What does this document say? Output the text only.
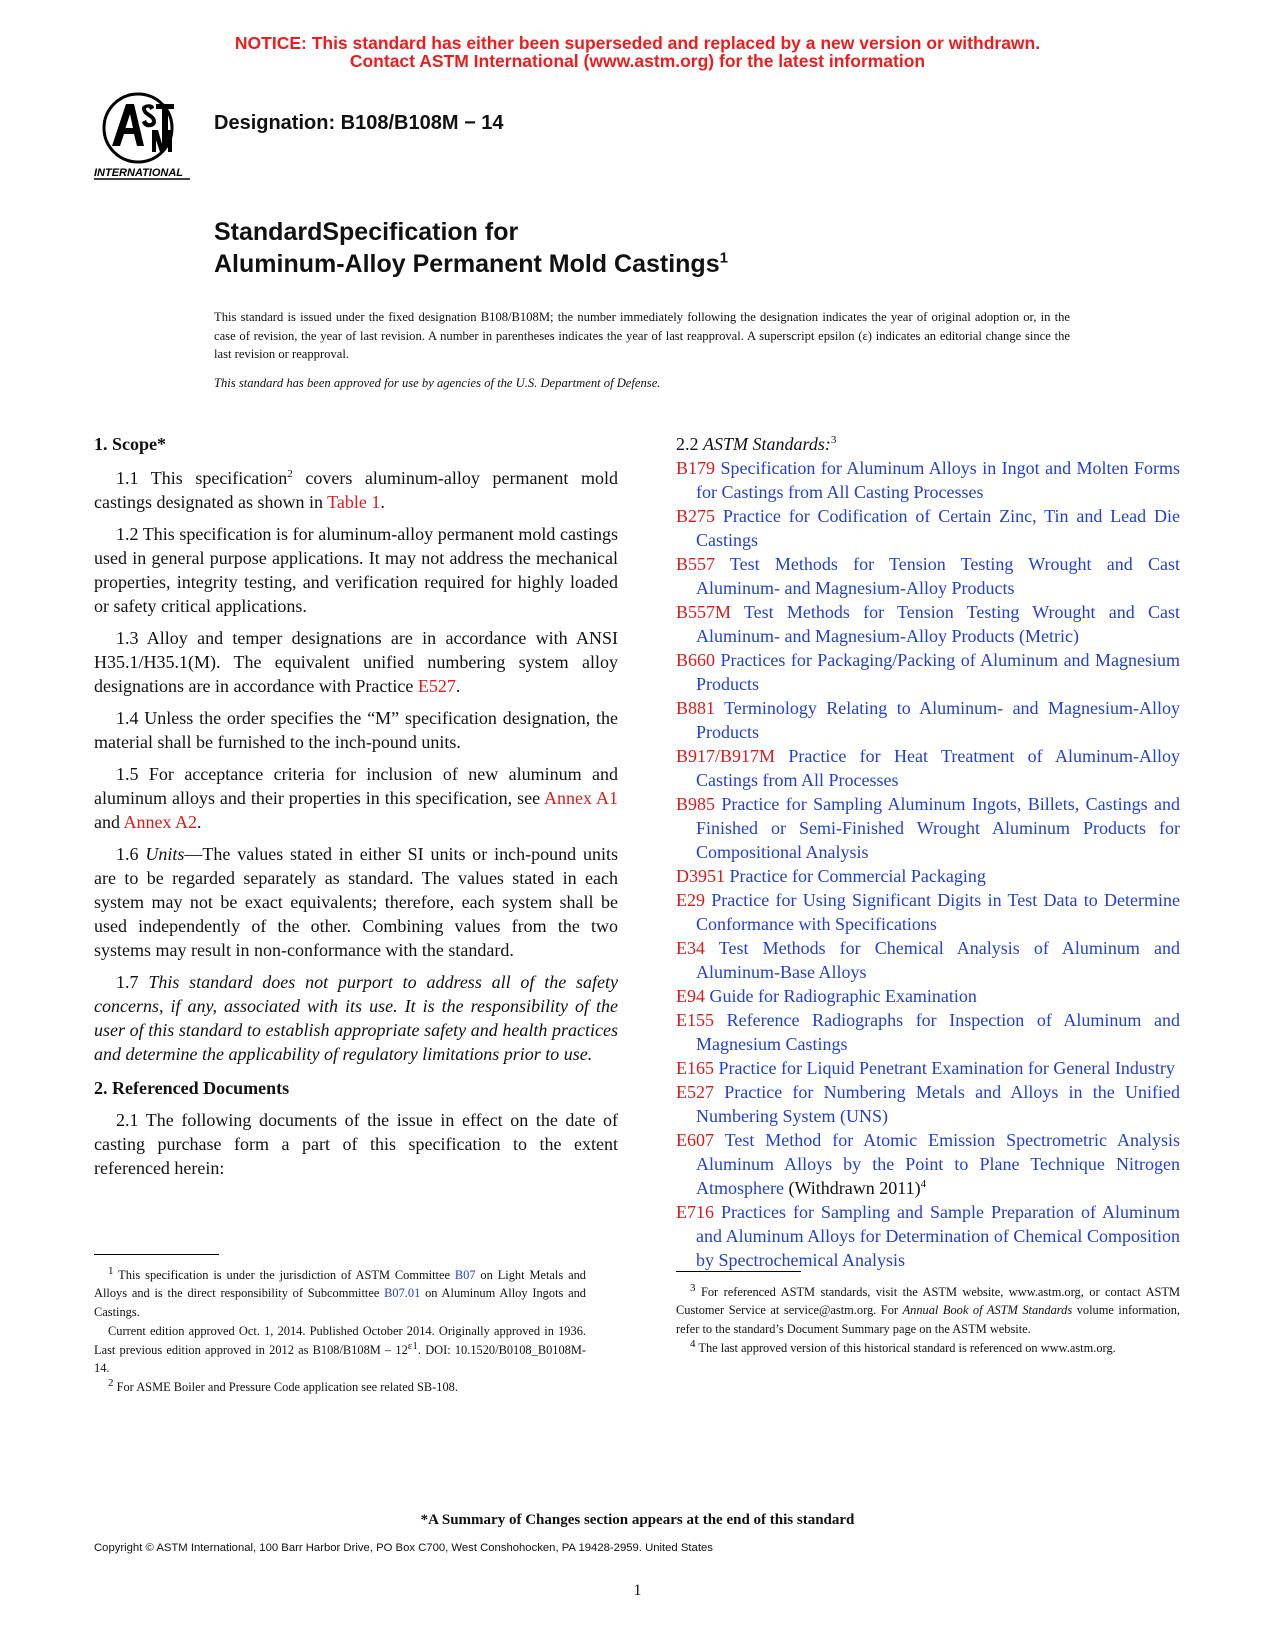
NOTICE: This standard has either been superseded and replaced by a new version or withdrawn.
Contact ASTM International (www.astm.org) for the latest information
INTERNATIONAL
Designation: B108/B108M − 14
StandardSpecification for
Aluminum-Alloy Permanent Mold Castings$^1$
This standard is issued under the fixed designation B108/B108M; the number immediately following the designation indicates the year of original adoption or, in the case of revision, the year of last revision. A number in parentheses indicates the year of last reapproval. A superscript epsilon (ε) indicates an editorial change since the last revision or reapproval.
This standard has been approved for use by agencies of the U.S. Department of Defense.
1. Scope*

1.1 This specification$^2$ covers aluminum-alloy permanent mold castings designated as shown in Table 1.

1.2 This specification is for aluminum-alloy permanent mold castings used in general purpose applications. It may not address the mechanical properties, integrity testing, and verification required for highly loaded or safety critical applications.

1.3 Alloy and temper designations are in accordance with ANSI H35.1/H35.1(M). The equivalent unified numbering system alloy designations are in accordance with Practice E527.

1.4 Unless the order specifies the “M” specification designation, the material shall be furnished to the inch-pound units.

1.5 For acceptance criteria for inclusion of new aluminum and aluminum alloys and their properties in this specification, see Annex A1 and Annex A2.

1.6 Units—The values stated in either SI units or inch-pound units are to be regarded separately as standard. The values stated in each system may not be exact equivalents; therefore, each system shall be used independently of the other. Combining values from the two systems may result in non-conformance with the standard.

1.7 This standard does not purport to address all of the safety concerns, if any, associated with its use. It is the responsibility of the user of this standard to establish appropriate safety and health practices and determine the applicability of regulatory limitations prior to use.

2. Referenced Documents

2.1 The following documents of the issue in effect on the date of casting purchase form a part of this specification to the extent referenced herein:

2.2 ASTM Standards:$^3$

B179 Specification for Aluminum Alloys in Ingot and Molten Forms for Castings from All Casting Processes

B275 Practice for Codification of Certain Zinc, Tin and Lead Die Castings

B557 Test Methods for Tension Testing Wrought and Cast Aluminum- and Magnesium-Alloy Products

B557M Test Methods for Tension Testing Wrought and Cast Aluminum- and Magnesium-Alloy Products (Metric)

B660 Practices for Packaging/Packing of Aluminum and Magnesium Products

B881 Terminology Relating to Aluminum- and Magnesium-Alloy Products

B917/B917M Practice for Heat Treatment of Aluminum-Alloy Castings from All Processes

B985 Practice for Sampling Aluminum Ingots, Billets, Castings and Finished or Semi-Finished Wrought Aluminum Products for Compositional Analysis

D3951 Practice for Commercial Packaging

E29 Practice for Using Significant Digits in Test Data to Determine Conformance with Specifications

E34 Test Methods for Chemical Analysis of Aluminum and Aluminum-Base Alloys

E94 Guide for Radiographic Examination

E155 Reference Radiographs for Inspection of Aluminum and Magnesium Castings

E165 Practice for Liquid Penetrant Examination for General Industry

E527 Practice for Numbering Metals and Alloys in the Unified Numbering System (UNS)

E607 Test Method for Atomic Emission Spectrometric Analysis Aluminum Alloys by the Point to Plane Technique Nitrogen Atmosphere (Withdrawn 2011)$^4$

E716 Practices for Sampling and Sample Preparation of Aluminum and Aluminum Alloys for Determination of Chemical Composition by Spectrochemical Analysis

$^1$ This specification is under the jurisdiction of ASTM Committee B07 on Light Metals and Alloys and is the direct responsibility of Subcommittee B07.01 on Aluminum Alloy Ingots and Castings.

Current edition approved Oct. 1, 2014. Published October 2014. Originally approved in 1936. Last previous edition approved in 2012 as $B108/B108M - 12^{\varepsilon 1}$. DOI: 10.1520/B0108_B0108M-14.

$^2$ For ASME Boiler and Pressure Code application see related SB-108.

$^3$ For referenced ASTM standards, visit the ASTM website, www.astm.org, or contact ASTM Customer Service at service@astm.org. For Annual Book of ASTM Standards volume information, refer to the standard’s Document Summary page on the ASTM website.

$^4$ The last approved version of this historical standard is referenced on www.astm.org.

*A Summary of Changes section appears at the end of this standard
Copyright © ASTM International, 100 Barr Harbor Drive, PO Box C700, West Conshohocken, PA 19428-2959. United States
1
